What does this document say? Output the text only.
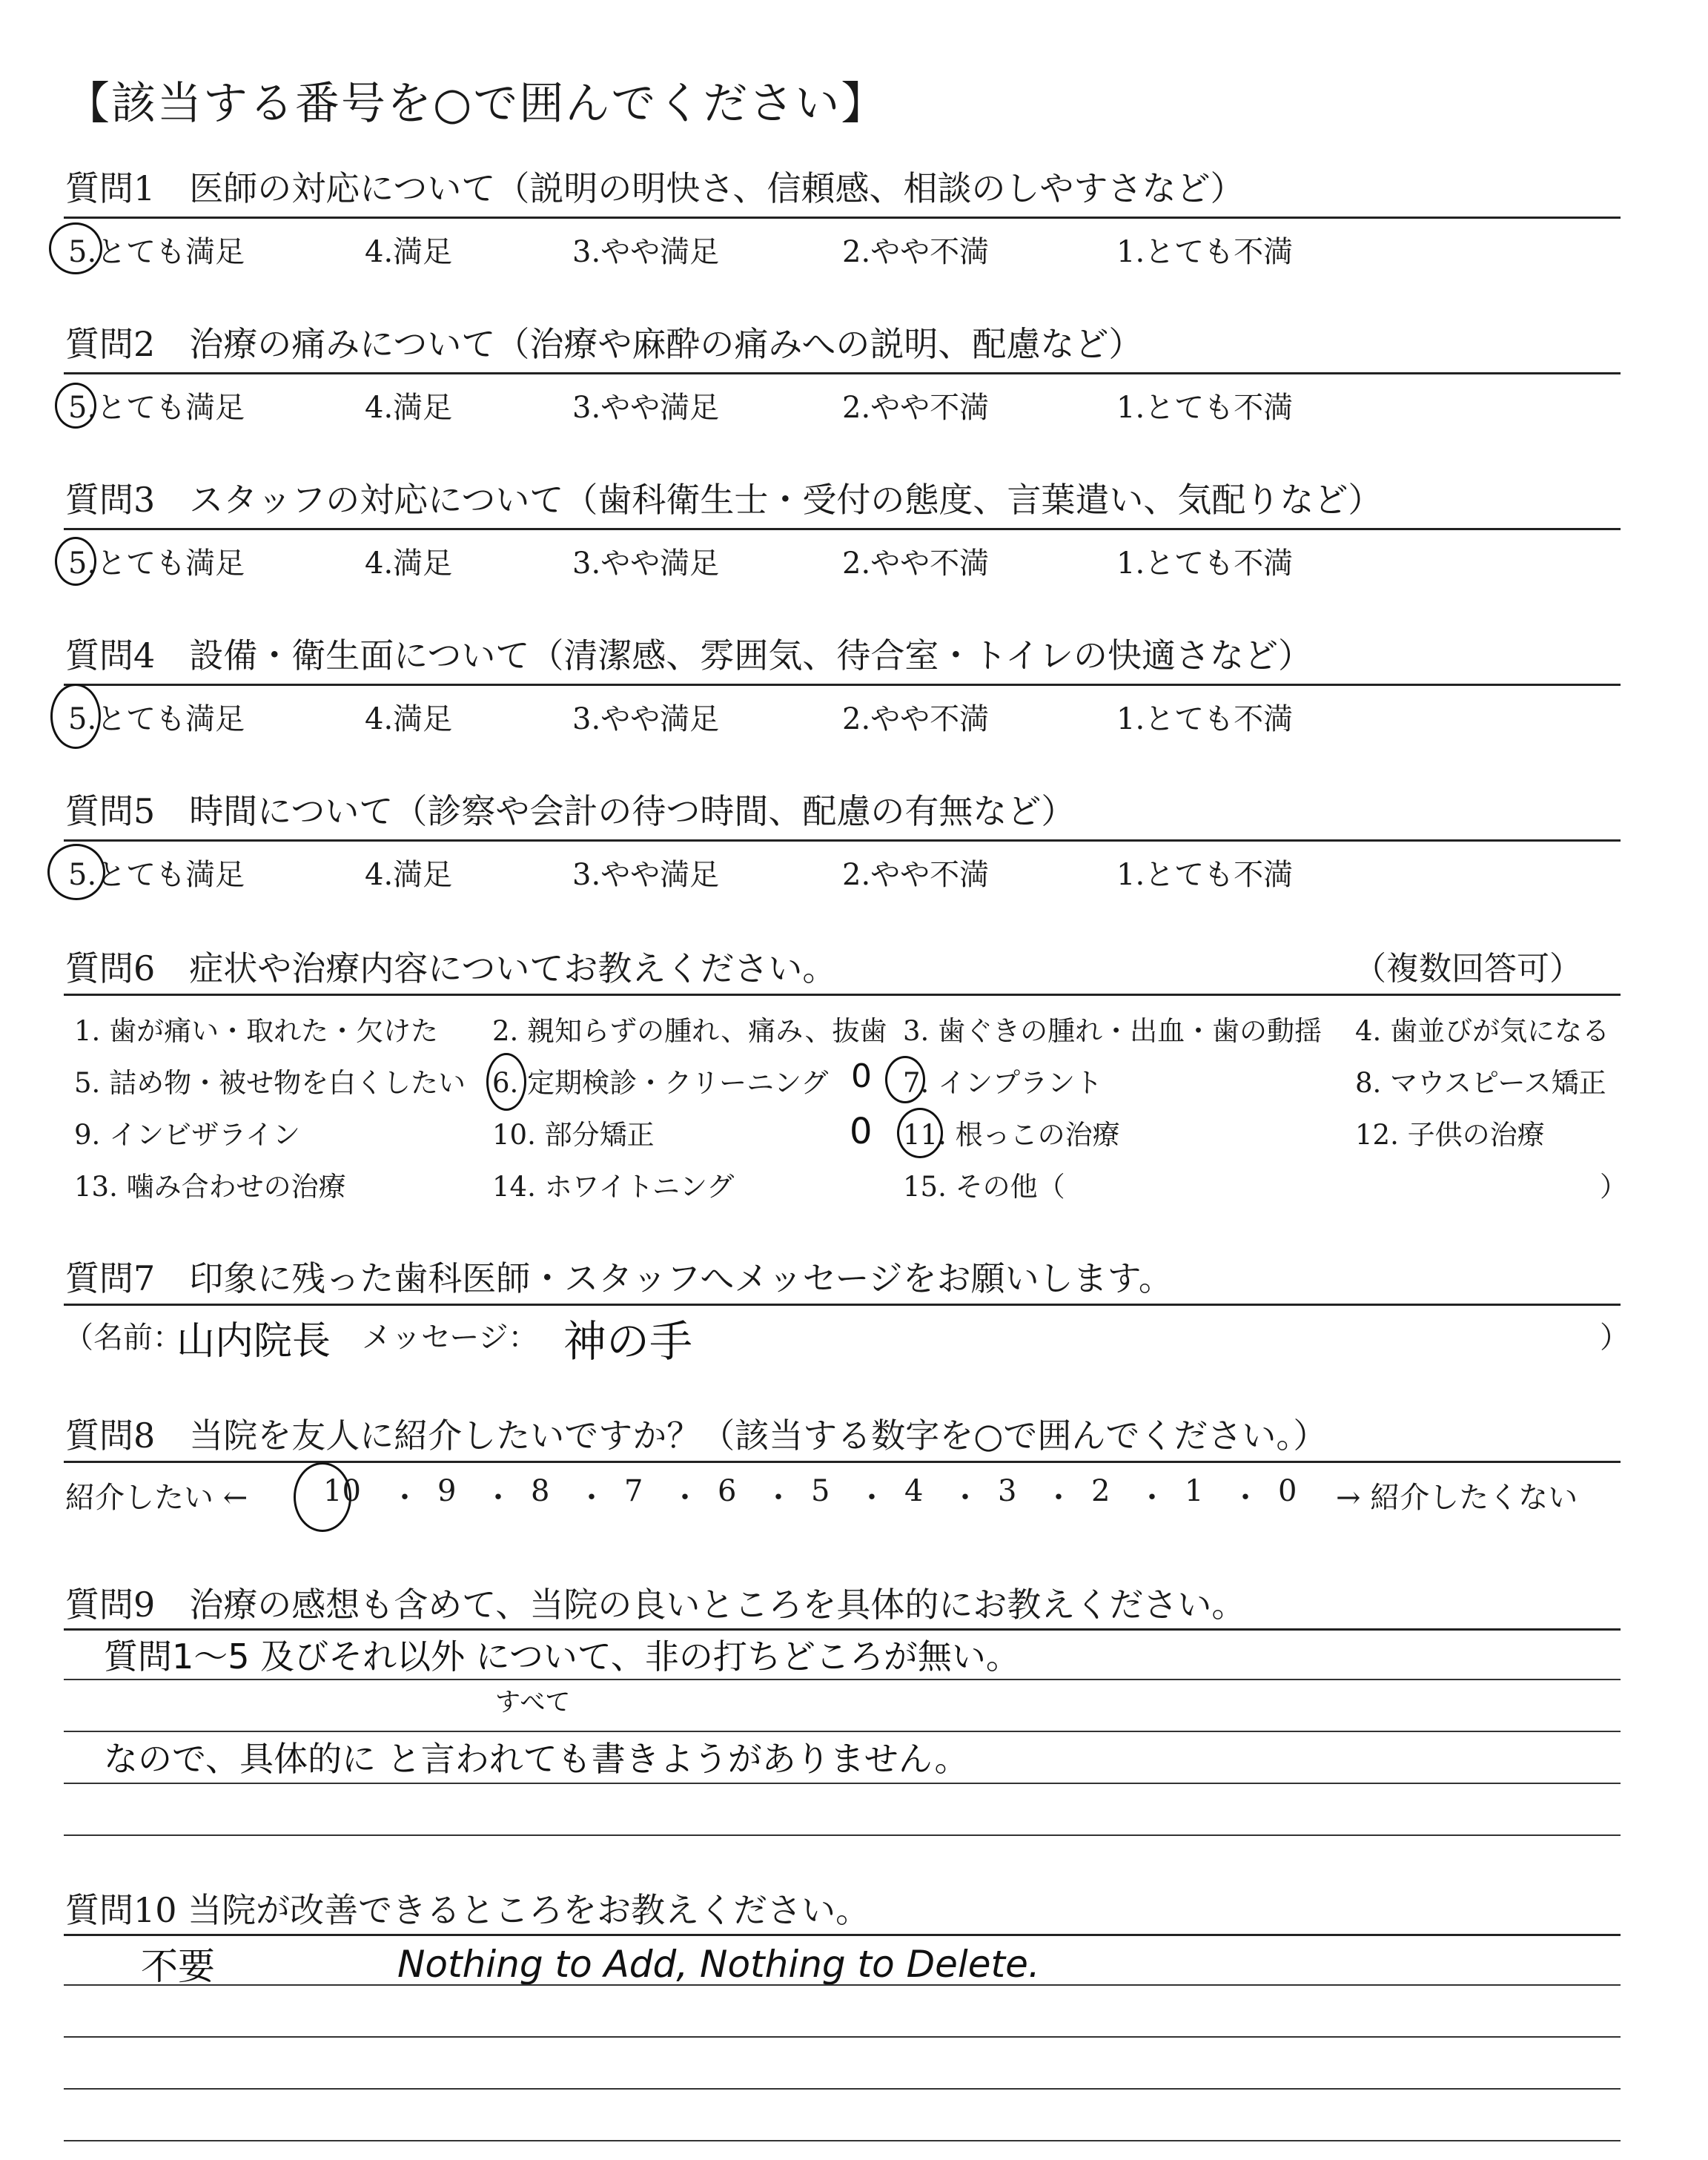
【該当する番号を○で囲んでください】
質問1　医師の対応について（説明の明快さ、信頼感、相談のしやすさなど）
5.とても満足	4.満足	3.やや満足	2.やや不満	1.とても不満
質問2　治療の痛みについて（治療や麻酔の痛みへの説明、配慮など）
5.とても満足	4.満足	3.やや満足	2.やや不満	1.とても不満
質問3　スタッフの対応について（歯科衛生士・受付の態度、言葉遣い、気配りなど）
5.とても満足	4.満足	3.やや満足	2.やや不満	1.とても不満
質問4　設備・衛生面について（清潔感、雰囲気、待合室・トイレの快適さなど）
5.とても満足	4.満足	3.やや満足	2.やや不満	1.とても不満
質問5　時間について（診察や会計の待つ時間、配慮の有無など）
5.とても満足	4.満足	3.やや満足	2.やや不満	1.とても不満
質問6　症状や治療内容についてお教えください。	（複数回答可）
1. 歯が痛い・取れた・欠けた 2. 親知らずの腫れ、痛み、抜歯 3. 歯ぐきの腫れ・出血・歯の動揺 4. 歯並びが気になる
5. 詰め物・被せ物を白くしたい 6. 定期検診・クリーニング	7. インプラント	8. マウスピース矯正
9. インビザライン	10. 部分矯正	11. 根っこの治療	12. 子供の治療
13. 噛み合わせの治療	14. ホワイトニング	15. その他（	）
0
0
質問7　印象に残った歯科医師・スタッフへメッセージをお願いします。
（名前：
山内院長 メッセージ： 神の手	）
質問8　当院を友人に紹介したいですか？（該当する数字を○で囲んでください。）
紹介したい ←	10 ・ 9 ・ 8 ・ 7 ・ 6 ・ 5 ・ 4 ・ 3 ・ 2 ・ 1 ・ 0 → 紹介したくない
質問9　治療の感想も含めて、当院の良いところを具体的にお教えください。
質問1～5 及びそれ以外 について、非の打ちどころが無い。
すべて
なので、具体的に と言われても書きようがありません。
質問10 当院が改善できるところをお教えください。
不要	Nothing to Add, Nothing to Delete.
